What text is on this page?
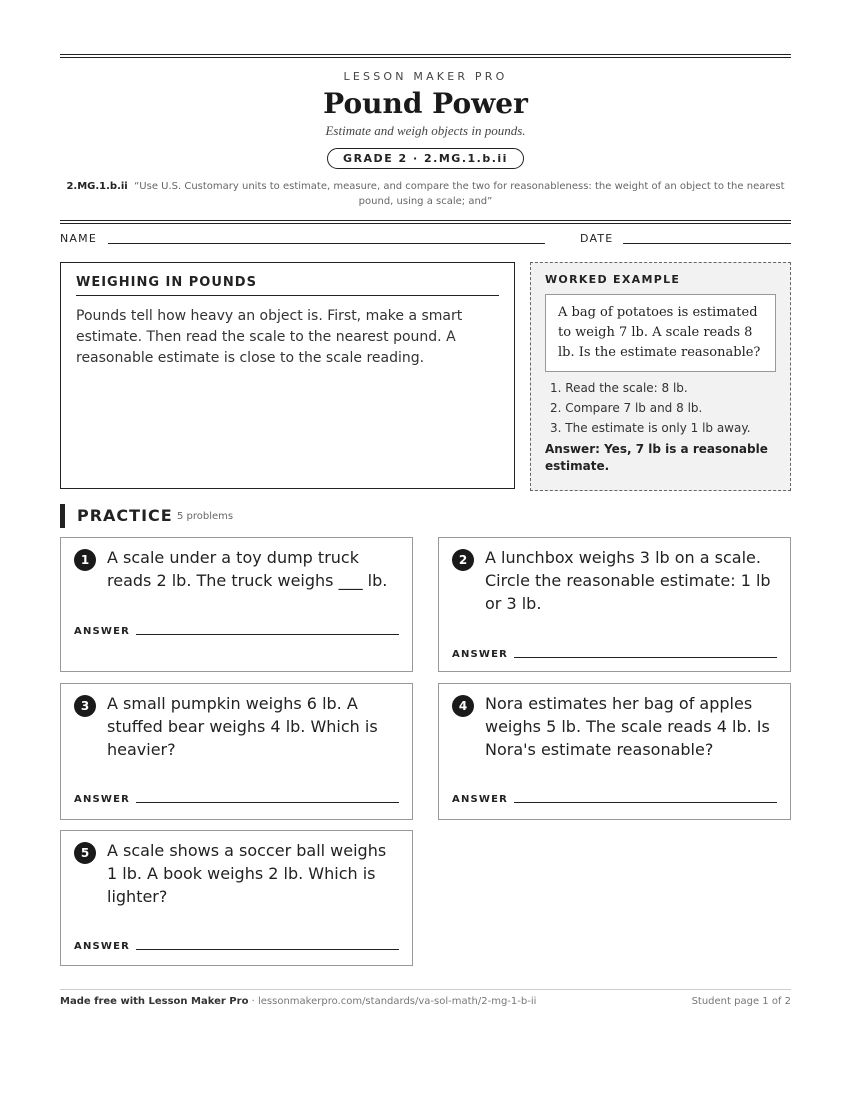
LESSON MAKER PRO
Pound Power
Estimate and weigh objects in pounds.
GRADE 2 · 2.MG.1.b.ii
2.MG.1.b.ii “Use U.S. Customary units to estimate, measure, and compare the two for reasonableness: the weight of an object to the nearest pound, using a scale; and”
NAME	DATE
WEIGHING IN POUNDS
Pounds tell how heavy an object is. First, make a smart estimate. Then read the scale to the nearest pound. A reasonable estimate is close to the scale reading.
WORKED EXAMPLE
A bag of potatoes is estimated to weigh 7 lb. A scale reads 8 lb. Is the estimate reasonable?
1. Read the scale: 8 lb.
2. Compare 7 lb and 8 lb.
3. The estimate is only 1 lb away.
Answer: Yes, 7 lb is a reasonable estimate.
PRACTICE 5 problems
1	A scale under a toy dump truck reads 2 lb. The truck weighs ___ lb.
ANSWER
2	A lunchbox weighs 3 lb on a scale. Circle the reasonable estimate: 1 lb or 3 lb.
ANSWER
3	A small pumpkin weighs 6 lb. A stuffed bear weighs 4 lb. Which is heavier?
ANSWER
4	Nora estimates her bag of apples weighs 5 lb. The scale reads 4 lb. Is Nora's estimate reasonable?
ANSWER
5	A scale shows a soccer ball weighs 1 lb. A book weighs 2 lb. Which is lighter?
ANSWER
Made free with Lesson Maker Pro · lessonmakerpro.com/standards/va-sol-math/2-mg-1-b-ii	Student page 1 of 2
